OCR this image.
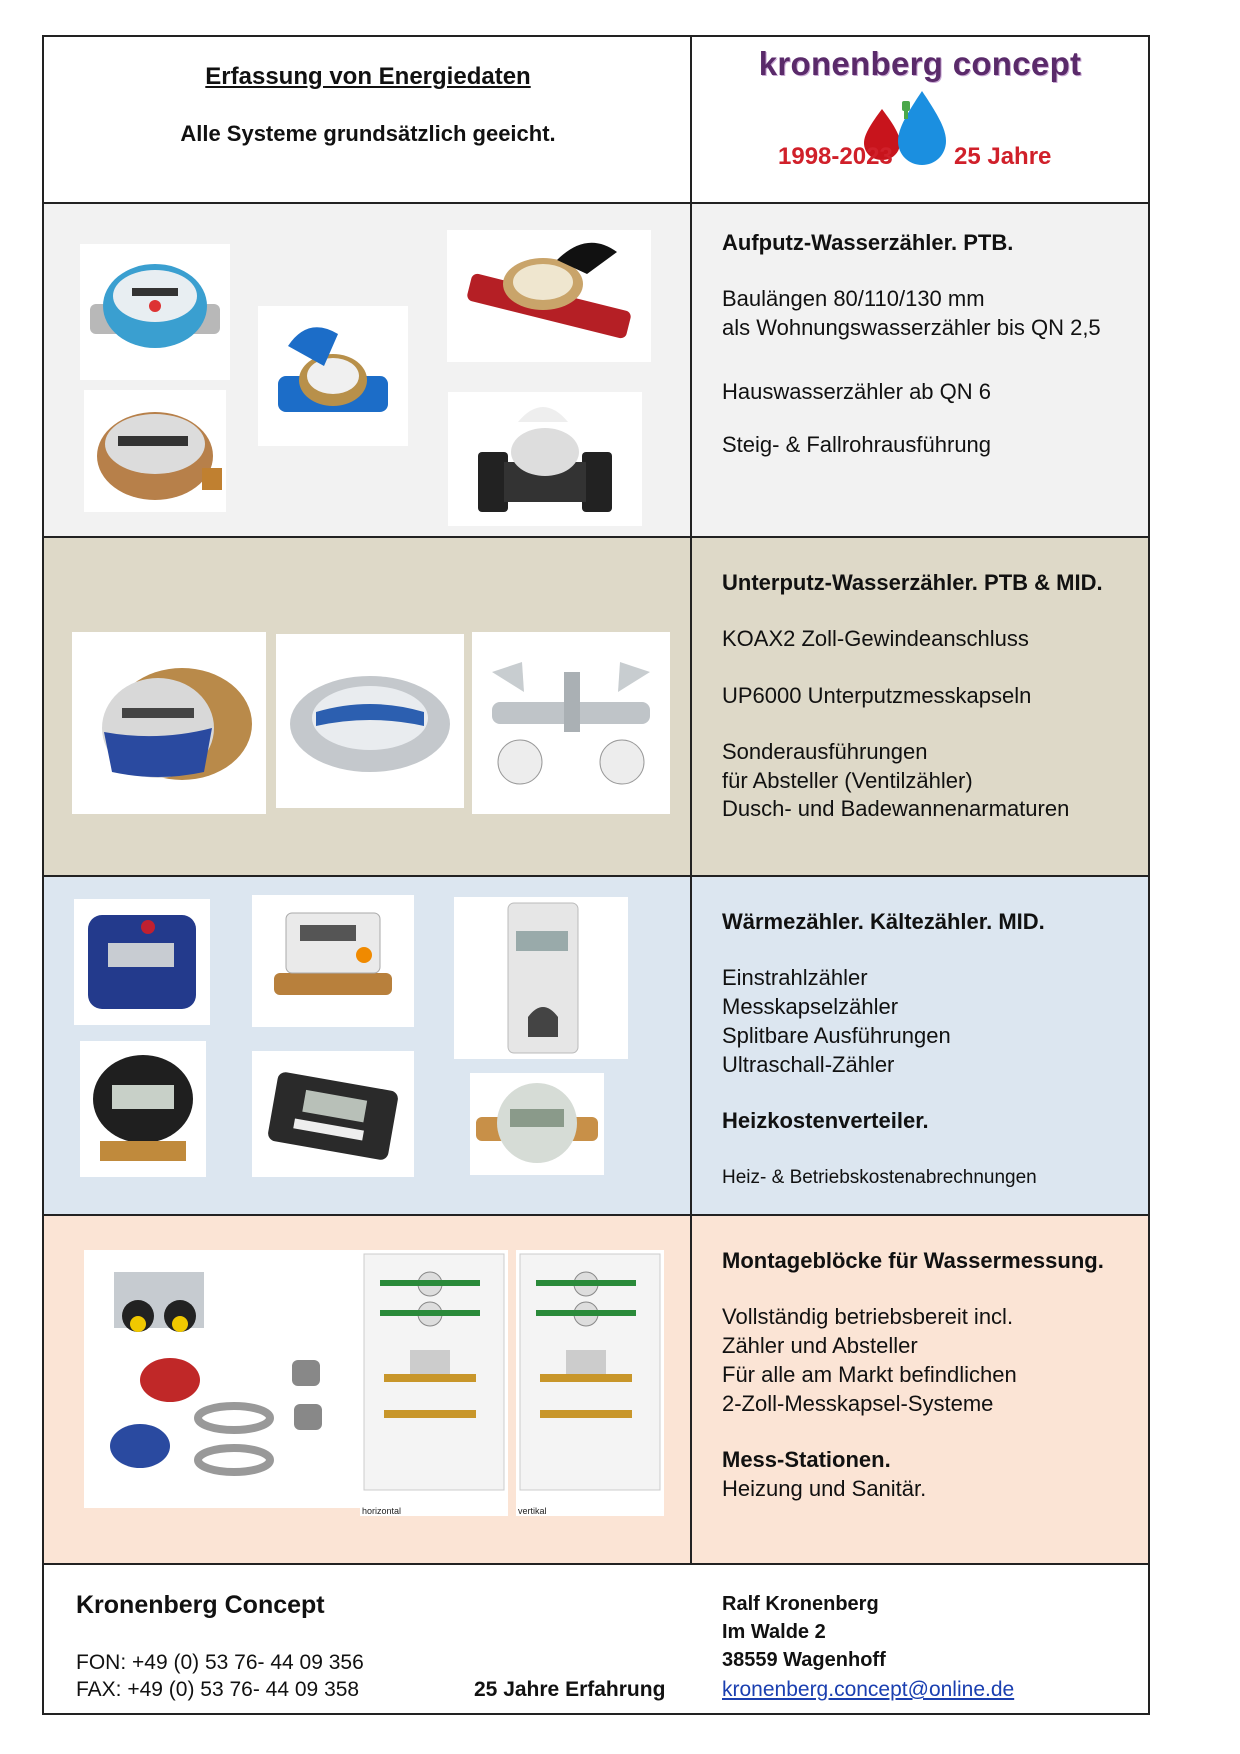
Erfassung von Energiedaten
Alle Systeme grundsätzlich geeicht.
kronenberg concept
1998-2023	25 Jahre
Aufputz-Wasserzähler. PTB.
Baulängen 80/110/130 mm
als Wohnungswasserzähler bis QN 2,5
Hauswasserzähler ab QN 6
Steig- & Fallrohrausführung
Unterputz-Wasserzähler. PTB & MID.
KOAX2 Zoll-Gewindeanschluss
UP6000 Unterputzmesskapseln
Sonderausführungen
für Absteller (Ventilzähler)
Dusch- und Badewannenarmaturen
Wärmezähler. Kältezähler. MID.
Einstrahlzähler
Messkapselzähler
Splitbare Ausführungen
Ultraschall-Zähler
Heizkostenverteiler.
Heiz- & Betriebskostenabrechnungen
horizontal	vertikal
Montageblöcke für Wassermessung.
Vollständig betriebsbereit incl.
Zähler und Absteller
Für alle am Markt befindlichen
2-Zoll-Messkapsel-Systeme
Mess-Stationen.
Heizung und Sanitär.
Kronenberg Concept
FON: +49 (0) 53 76- 44 09 356
FAX: +49 (0) 53 76- 44 09 358	25 Jahre Erfahrung
Ralf Kronenberg
Im Walde 2
38559 Wagenhoff
kronenberg.concept@online.de
